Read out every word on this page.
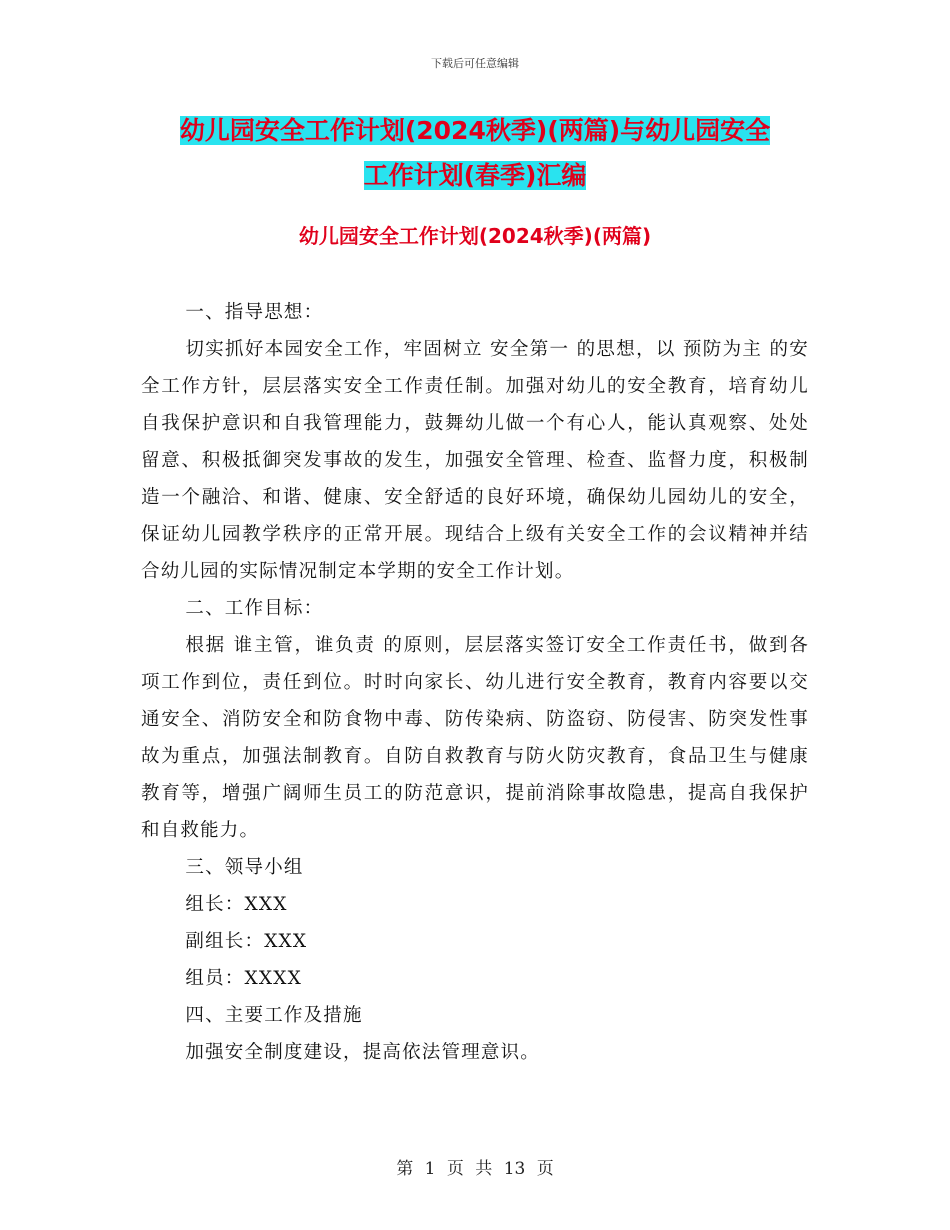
下载后可任意编辑
幼儿园安全工作计划(2024秋季)(两篇)与幼儿园安全
工作计划(春季)汇编
幼儿园安全工作计划(2024秋季)(两篇)

一、指导思想：

切实抓好本园安全工作，牢固树立 安全第一 的思想，以 预防为主 的安全工作方针，层层落实安全工作责任制。加强对幼儿的安全教育，培育幼儿自我保护意识和自我管理能力，鼓舞幼儿做一个有心人，能认真观察、处处留意、积极抵御突发事故的发生，加强安全管理、检查、监督力度，积极制造一个融洽、和谐、健康、安全舒适的良好环境，确保幼儿园幼儿的安全，保证幼儿园教学秩序的正常开展。现结合上级有关安全工作的会议精神并结合幼儿园的实际情况制定本学期的安全工作计划。

二、工作目标：

根据 谁主管，谁负责 的原则，层层落实签订安全工作责任书，做到各项工作到位，责任到位。时时向家长、幼儿进行安全教育，教育内容要以交通安全、消防安全和防食物中毒、防传染病、防盗窃、防侵害、防突发性事故为重点，加强法制教育。自防自救教育与防火防灾教育，食品卫生与健康教育等，增强广阔师生员工的防范意识，提前消除事故隐患，提高自我保护和自救能力。

三、领导小组

组长：XXX

副组长：XXX

组员：XXXX

四、主要工作及措施

加强安全制度建设，提高依法管理意识。

第 1 页 共 13 页
